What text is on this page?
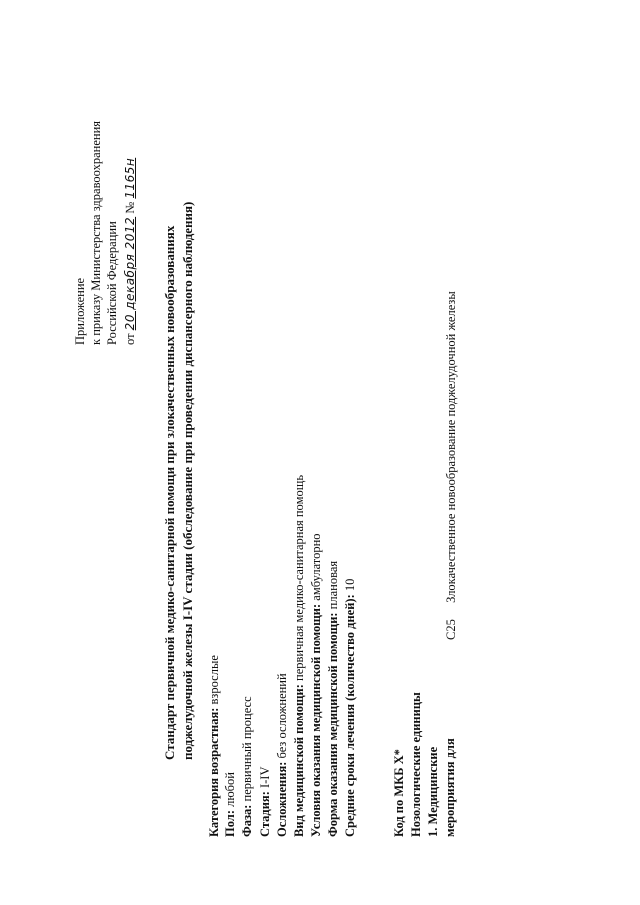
Приложение к приказу Министерства здравоохранения Российской Федерации от 20 декабря 2012 № 1165н
Стандарт первичной медико-санитарной помощи при злокачественных новообразованиях поджелудочной железы I-IV стадии (обследование при проведении диспансерного наблюдения)
Категория возрастная: взрослые
Пол: любой
Фаза: первичный процесс
Стадия: I-IV Осложнения: без осложнений Вид медицинской помощи: первичная медико-санитарная помощь
Условия оказания медицинской помощи: амбулаторно
Форма оказания медицинской помощи: плановая
Средние сроки лечения (количество дней): 10
Код по МКБ X* Нозологические единицы 1. Медицинские мероприятия для
C25  Злокачественное новообразование поджелудочной железы
